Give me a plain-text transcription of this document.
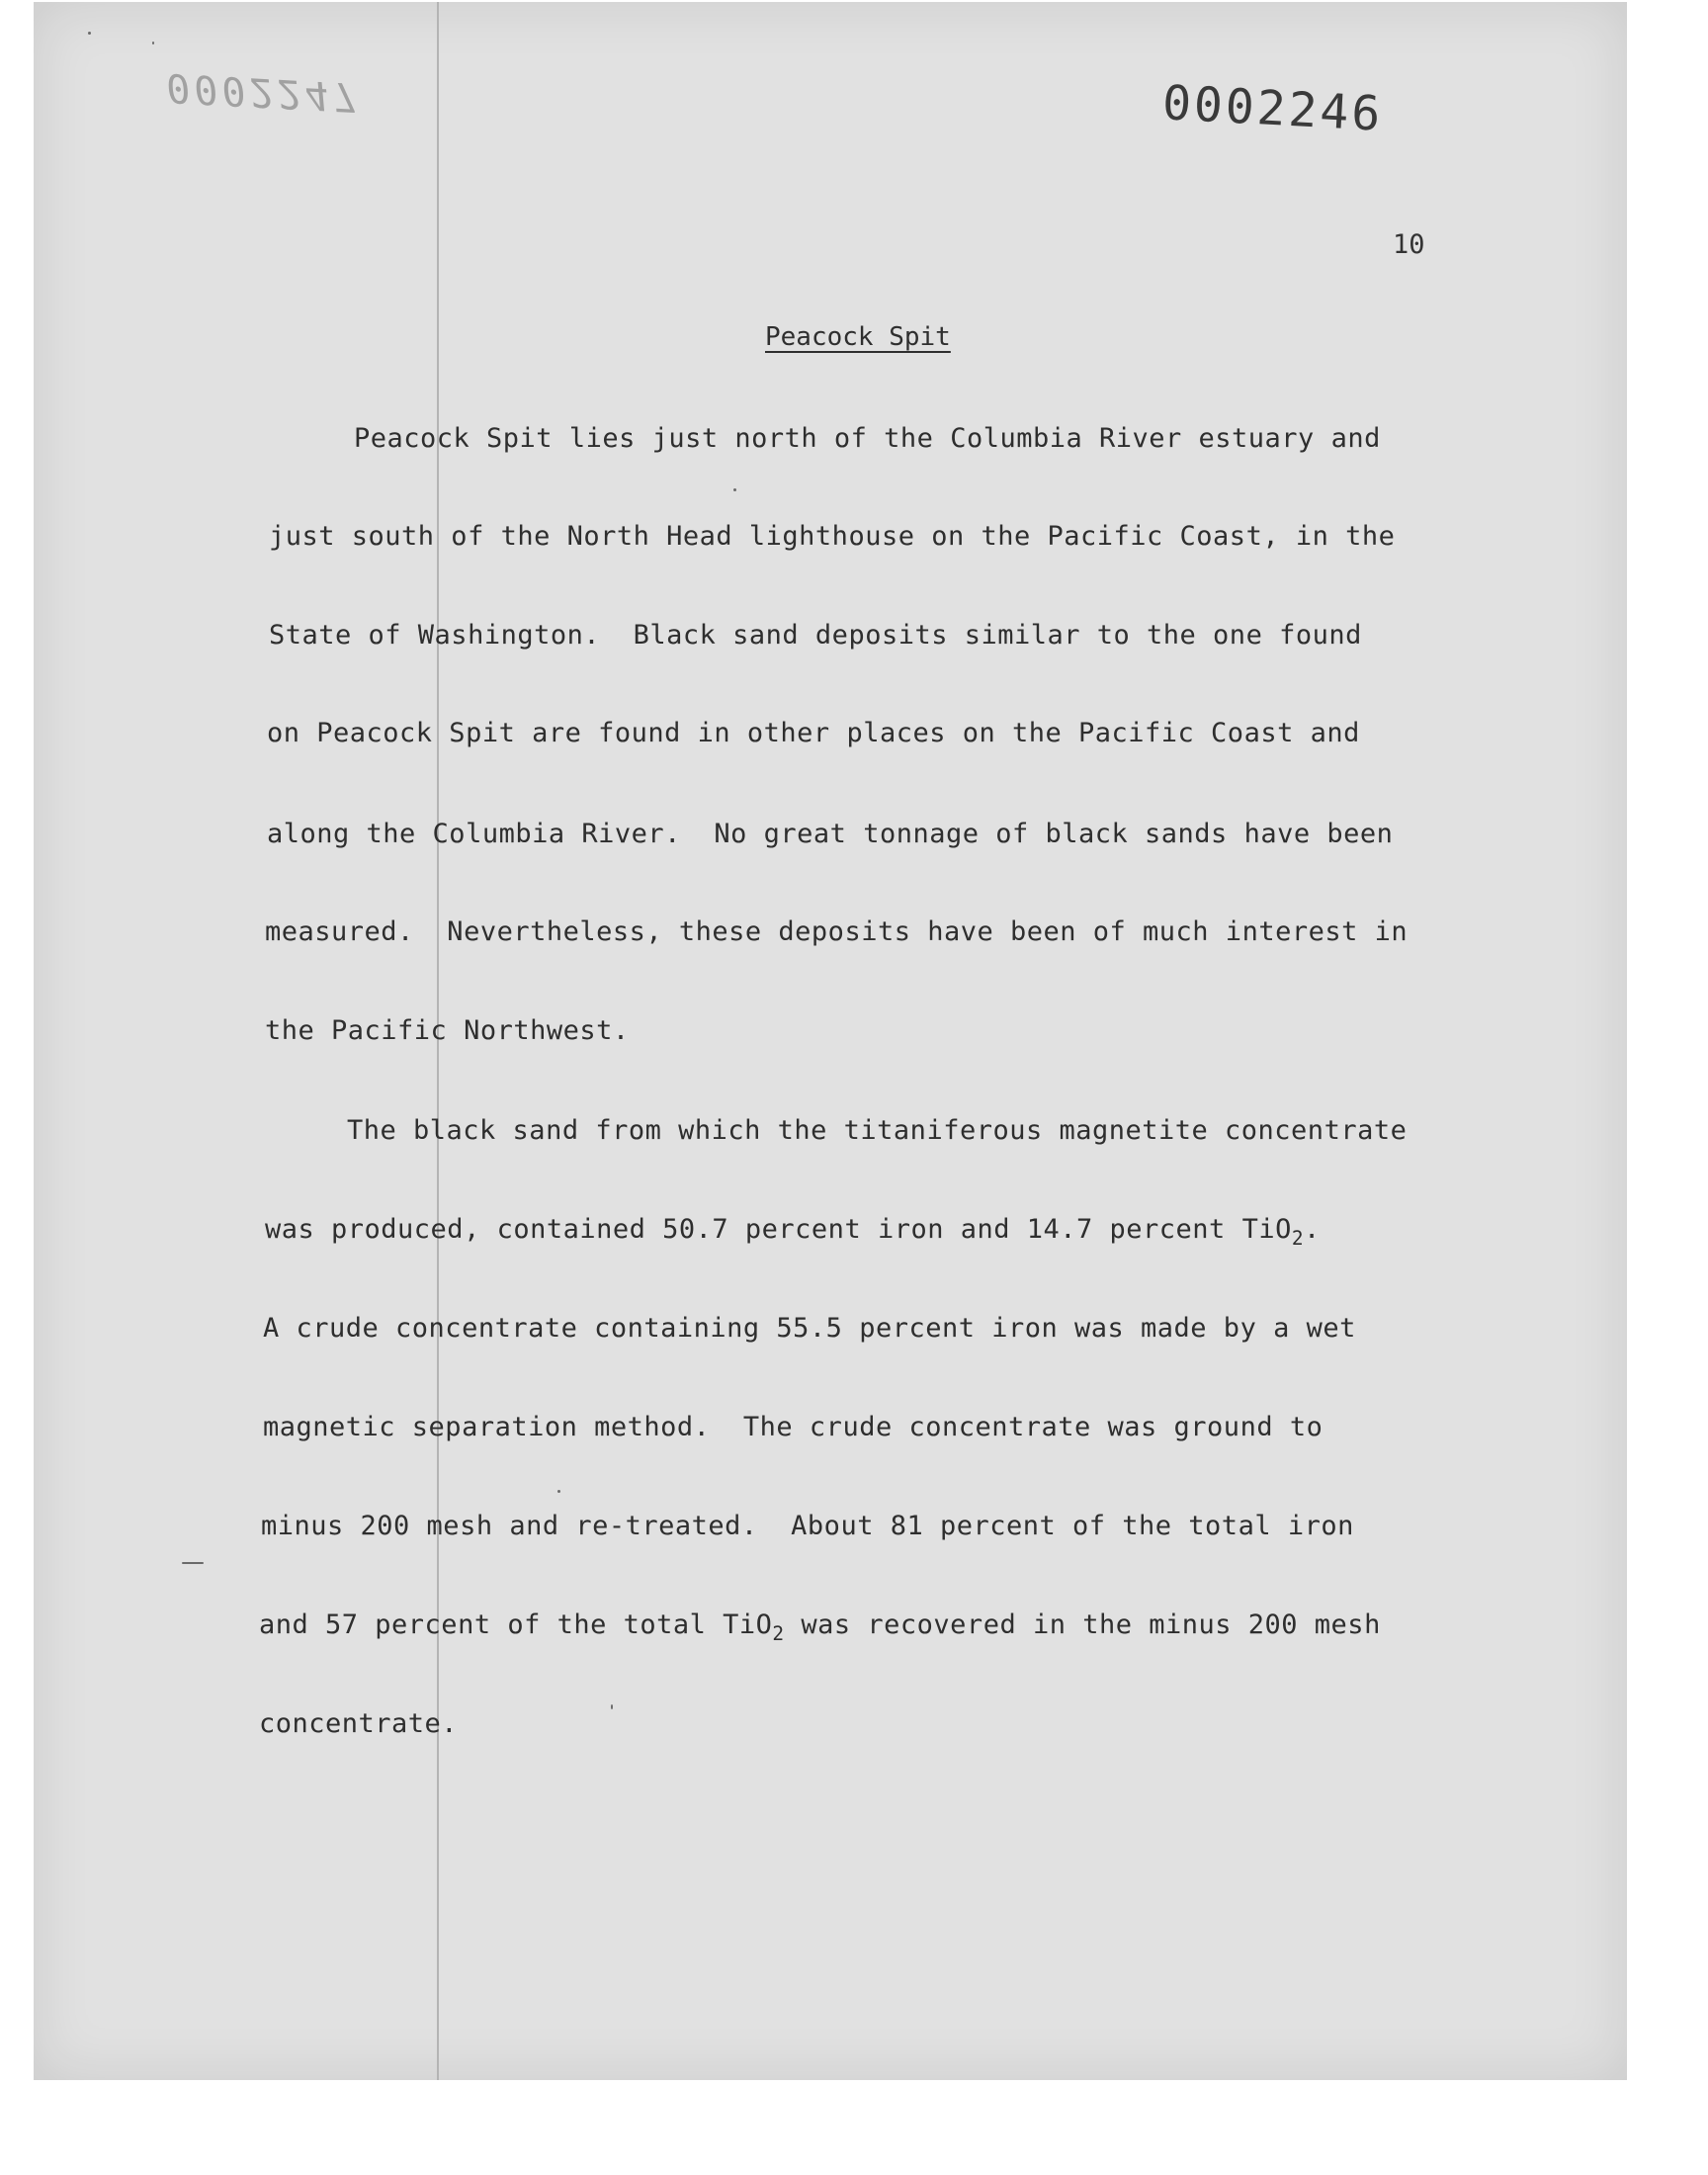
0002247	0002246

10
Peacock Spit

Peacock Spit lies just north of the Columbia River estuary and

just south of the North Head lighthouse on the Pacific Coast, in the

State of Washington.  Black sand deposits similar to the one found

on Peacock Spit are found in other places on the Pacific Coast and

along the Columbia River.  No great tonnage of black sands have been

measured.  Nevertheless, these deposits have been of much interest in

the Pacific Northwest.

The black sand from which the titaniferous magnetite concentrate

was produced, contained 50.7 percent iron and 14.7 percent TiO$_2$.

A crude concentrate containing 55.5 percent iron was made by a wet

magnetic separation method.  The crude concentrate was ground to

minus 200 mesh and re-treated.  About 81 percent of the total iron

and 57 percent of the total TiO$_2$ was recovered in the minus 200 mesh

concentrate.
